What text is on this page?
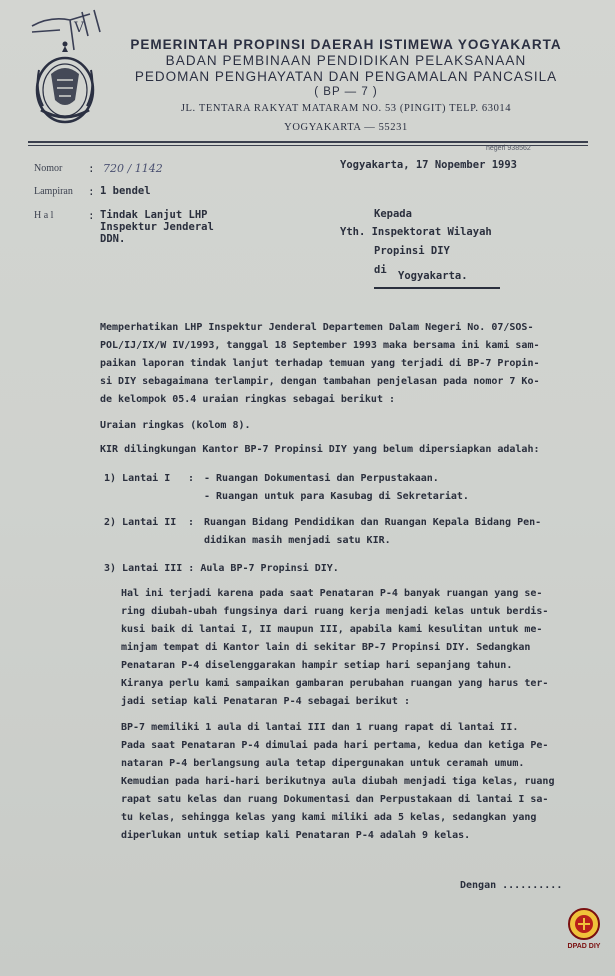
V
PEMERINTAH PROPINSI DAERAH ISTIMEWA YOGYAKARTA
BADAN PEMBINAAN PENDIDIKAN PELAKSANAAN
PEDOMAN PENGHAYATAN DAN PENGAMALAN PANCASILA
( BP — 7 )
JL. TENTARA RAKYAT MATARAM NO. 53 (PINGIT) TELP. 63014
YOGYAKARTA — 55231
negeri 938562
Nomor : 720 / 1142	Yogyakarta, 17 Nopember 1993
Lampiran : 1 bendel
H a l	: Tindak Lanjut LHP
Inspektur Jenderal
DDN.
Kepada
Yth. Inspektorat Wilayah
Propinsi DIY
di Yogyakarta.
Memperhatikan LHP Inspektur Jenderal Departemen Dalam Negeri No. 07/SOS-
POL/IJ/IX/W IV/1993, tanggal 18 September 1993 maka bersama ini kami sam-
paikan laporan tindak lanjut terhadap temuan yang terjadi di BP-7 Propin-
si DIY sebagaimana terlampir, dengan tambahan penjelasan pada nomor 7 Ko-
de kelompok 05.4 uraian ringkas sebagai berikut :
Uraian ringkas (kolom 8).
KIR dilingkungan Kantor BP-7 Propinsi DIY yang belum dipersiapkan adalah:
1) Lantai I : - Ruangan Dokumentasi dan Perpustakaan.
- Ruangan untuk para Kasubag di Sekretariat.
2) Lantai II : Ruangan Bidang Pendidikan dan Ruangan Kepala Bidang Pen-
didikan masih menjadi satu KIR.
3) Lantai III : Aula BP-7 Propinsi DIY.
Hal ini terjadi karena pada saat Penataran P-4 banyak ruangan yang se-
ring diubah-ubah fungsinya dari ruang kerja menjadi kelas untuk berdis-
kusi baik di lantai I, II maupun III, apabila kami kesulitan untuk me-
minjam tempat di Kantor lain di sekitar BP-7 Propinsi DIY. Sedangkan
Penataran P-4 diselenggarakan hampir setiap hari sepanjang tahun.
Kiranya perlu kami sampaikan gambaran perubahan ruangan yang harus ter-
jadi setiap kali Penataran P-4 sebagai berikut :
BP-7 memiliki 1 aula di lantai III dan 1 ruang rapat di lantai II.
Pada saat Penataran P-4 dimulai pada hari pertama, kedua dan ketiga Pe-
nataran P-4 berlangsung aula tetap dipergunakan untuk ceramah umum.
Kemudian pada hari-hari berikutnya aula diubah menjadi tiga kelas, ruang
rapat satu kelas dan ruang Dokumentasi dan Perpustakaan di lantai I sa-
tu kelas, sehingga kelas yang kami miliki ada 5 kelas, sedangkan yang
diperlukan untuk setiap kali Penataran P-4 adalah 9 kelas.
Dengan ..........
DPAD DIY
